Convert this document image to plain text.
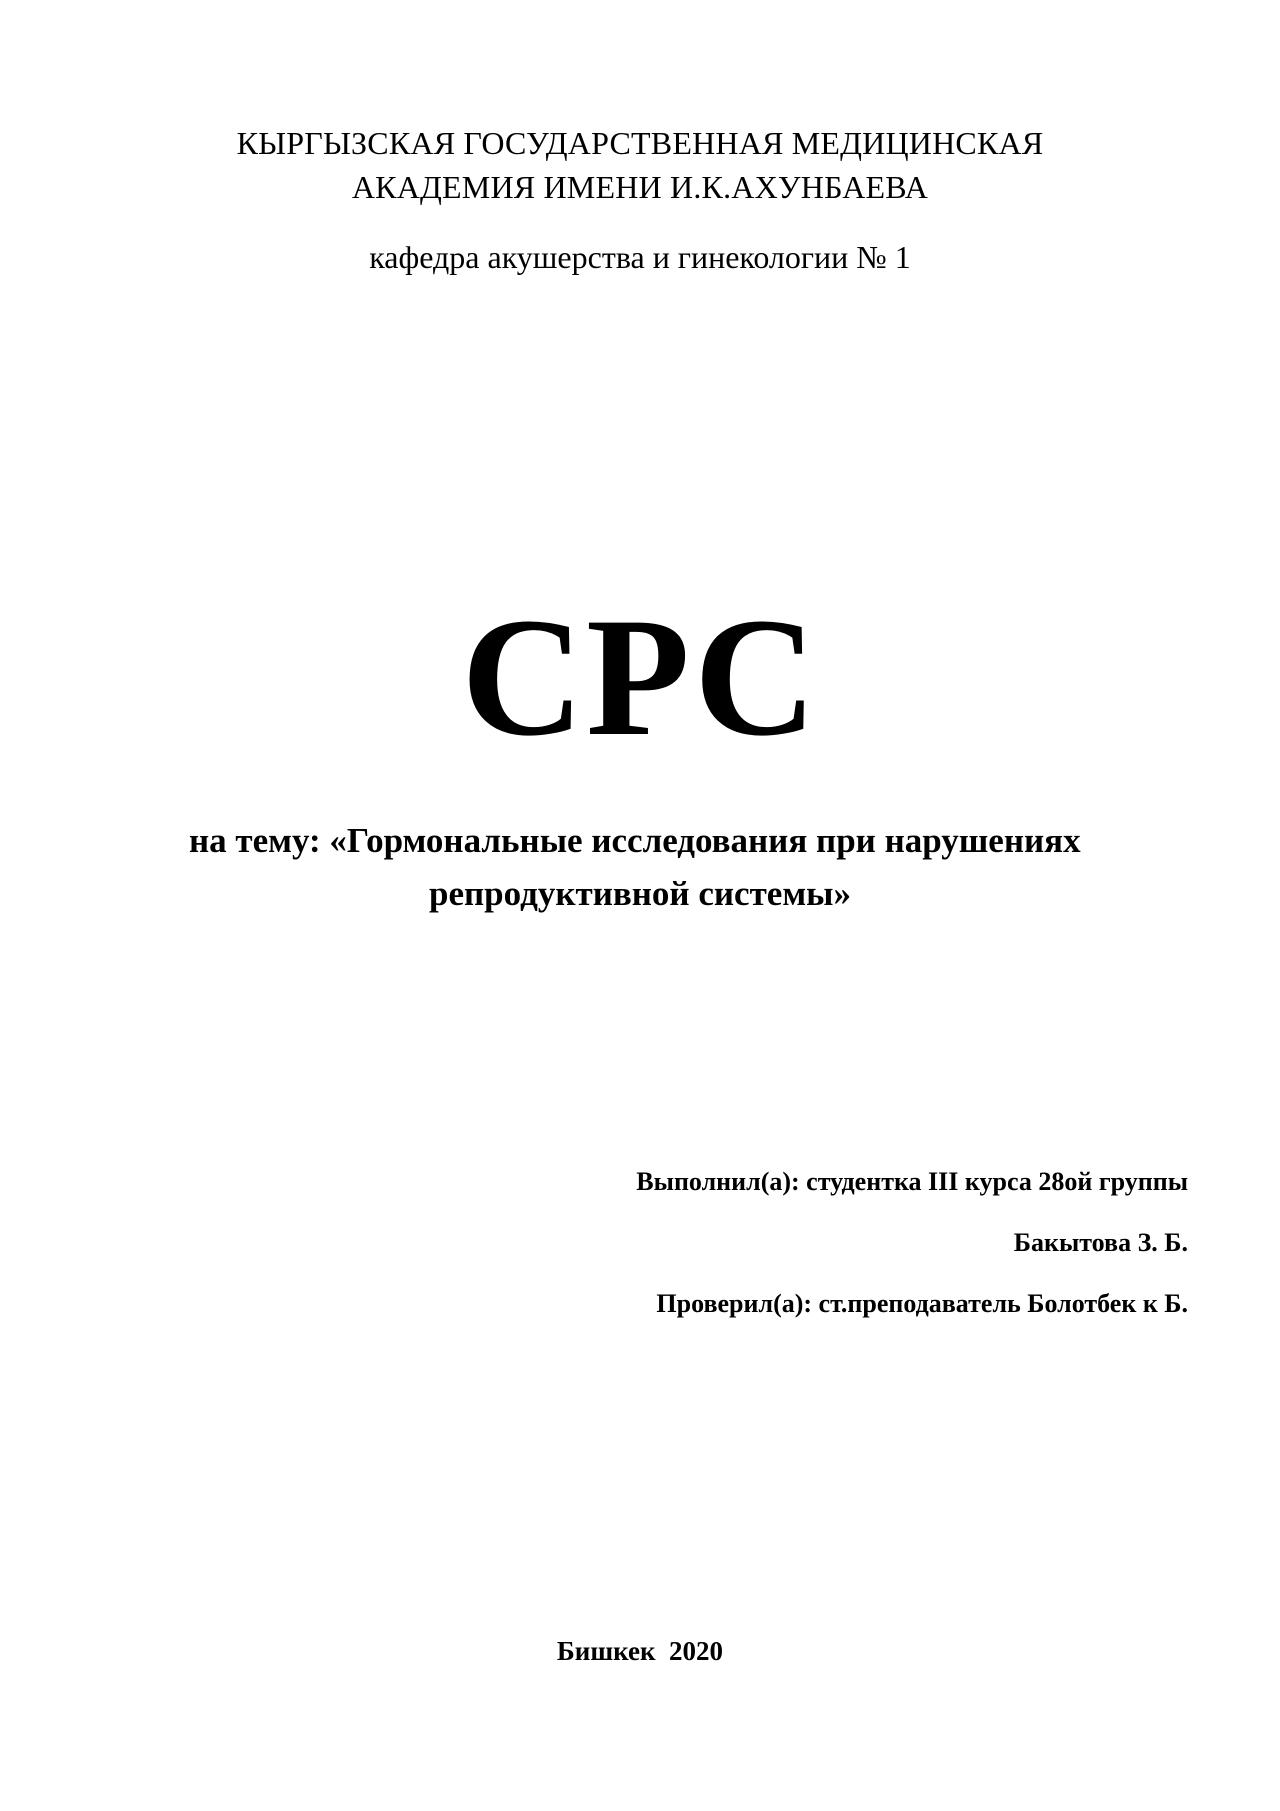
КЫРГЫЗСКАЯ ГОСУДАРСТВЕННАЯ МЕДИЦИНСКАЯ
АКАДЕМИЯ ИМЕНИ И.К.АХУНБАЕВА
кафедра акушерства и гинекологии № 1
СРС
на тему: «Гормональные исследования при нарушениях
репродуктивной системы»
Выполнил(а): студентка III курса 28ой группы
Бакытова З. Б.
Проверил(а): ст.преподаватель Болотбек к Б.
Бишкек  2020
